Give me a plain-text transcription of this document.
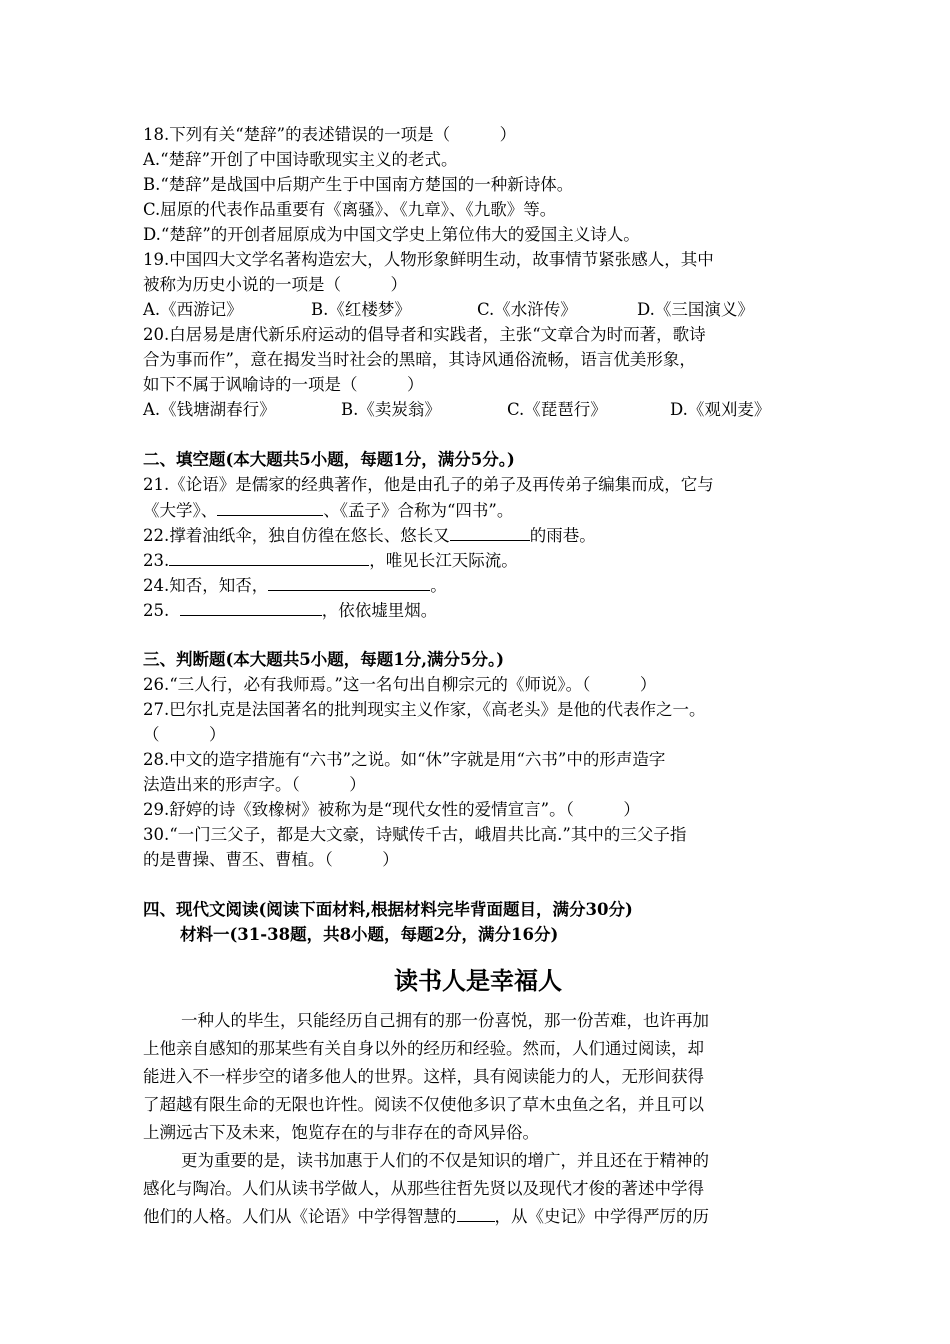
18.下列有关“楚辞”的表述错误的一项是（　　　）
A.“楚辞”开创了中国诗歌现实主义的老式。
B.“楚辞”是战国中后期产生于中国南方楚国的一种新诗体。
C.屈原的代表作品重要有《离骚》、《九章》、《九歌》等。
D.“楚辞”的开创者屈原成为中国文学史上第位伟大的爱国主义诗人。
19.中国四大文学名著构造宏大，人物形象鲜明生动，故事情节紧张感人，其中
被称为历史小说的一项是（　　　）
A.《西游记》	B.《红楼梦》	C.《水浒传》	D.《三国演义》
20.白居易是唐代新乐府运动的倡导者和实践者，主张“文章合为时而著，歌诗
合为事而作”，意在揭发当时社会的黑暗，其诗风通俗流畅，语言优美形象，
如下不属于讽喻诗的一项是（　　　）
A.《钱塘湖春行》	B.《卖炭翁》	C.《琵琶行》	D.《观刈麦》
二、填空题(本大题共5小题，每题1分，满分5分。)
21.《论语》是儒家的经典著作，他是由孔子的弟子及再传弟子编集而成，它与
《大学》、	、《孟子》合称为“四书”。
22.撑着油纸伞，独自仿徨在悠长、悠长又	的雨巷。
23.	，唯见长江天际流。
24.知否，知否，	。
25.	，依依墟里烟。
三、判断题(本大题共5小题，每题1分,满分5分。)
26.“三人行，必有我师焉。”这一名句出自柳宗元的《师说》。（　　　）
27.巴尔扎克是法国著名的批判现实主义作家，《高老头》是他的代表作之一。
（　　　）
28.中文的造字措施有“六书”之说。如“休”字就是用“六书”中的形声造字
法造出来的形声字。（　　　）
29.舒婷的诗《致橡树》被称为是“现代女性的爱情宣言”。（　　　）
30.“一门三父子，都是大文豪，诗赋传千古，峨眉共比高.”其中的三父子指
的是曹操、曹丕、曹植。（　　　）
四、现代文阅读(阅读下面材料,根据材料完毕背面题目，满分30分)
材料一(31-38题，共8小题，每题2分，满分16分)
读书人是幸福人
一种人的毕生，只能经历自己拥有的那一份喜悦，那一份苦难，也许再加
上他亲自感知的那某些有关自身以外的经历和经验。然而，人们通过阅读，却
能进入不一样步空的诸多他人的世界。这样，具有阅读能力的人，无形间获得
了超越有限生命的无限也许性。阅读不仅使他多识了草木虫鱼之名，并且可以
上溯远古下及未来，饱览存在的与非存在的奇风异俗。
更为重要的是，读书加惠于人们的不仅是知识的增广，并且还在于精神的
感化与陶冶。人们从读书学做人，从那些往哲先贤以及现代才俊的著述中学得
他们的人格。人们从《论语》中学得智慧的 ，从《史记》中学得严厉的历
